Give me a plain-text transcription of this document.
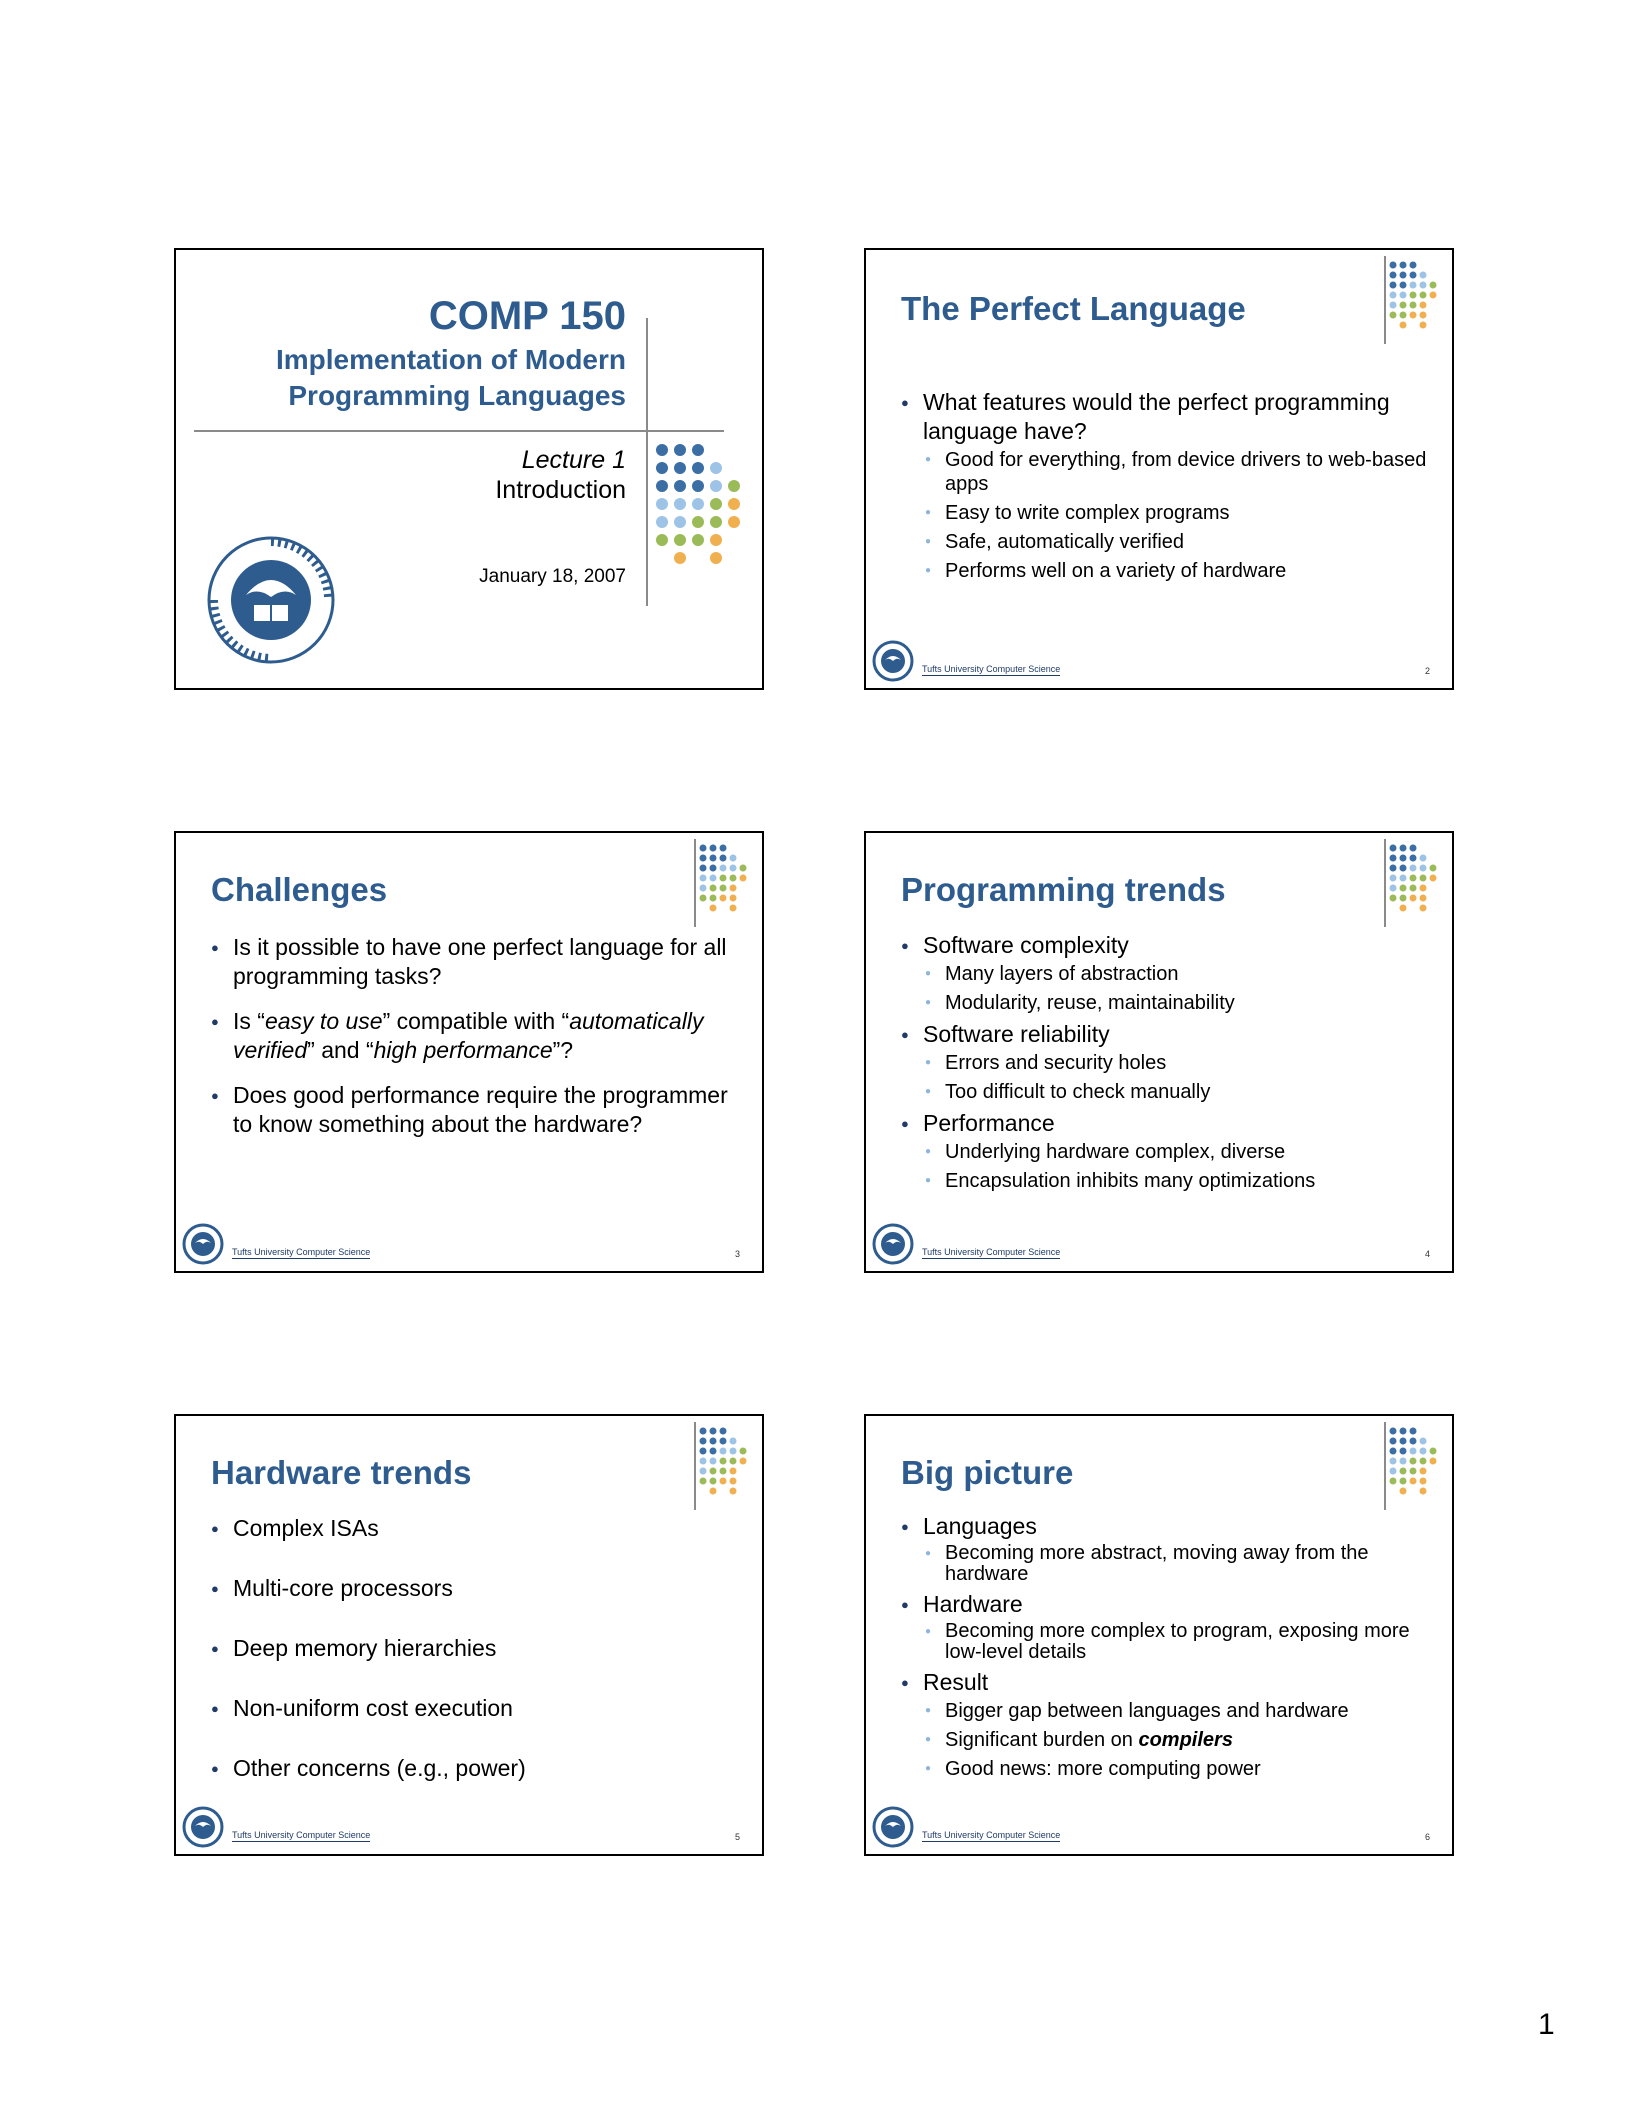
COMP 150
Implementation of Modern
Programming Languages
Lecture 1
Introduction
January 18, 2007
The Perfect Language
● What features would the perfect programming language have?
● Good for everything, from device drivers to web-based apps
● Easy to write complex programs
● Safe, automatically verified
● Performs well on a variety of hardware
Tufts University Computer Science	2
Challenges
● Is it possible to have one perfect language for all programming tasks?
● Is “easy to use” compatible with “automatically verified” and “high performance”?
● Does good performance require the programmer to know something about the hardware?
Tufts University Computer Science	3
Programming trends
● Software complexity
● Many layers of abstraction
● Modularity, reuse, maintainability
● Software reliability
● Errors and security holes
● Too difficult to check manually
● Performance
● Underlying hardware complex, diverse
● Encapsulation inhibits many optimizations
Tufts University Computer Science	4
Hardware trends
● Complex ISAs
● Multi-core processors
● Deep memory hierarchies
● Non-uniform cost execution
● Other concerns (e.g., power)
Tufts University Computer Science	5
Big picture
● Languages
● Becoming more abstract, moving away from the hardware
● Hardware
● Becoming more complex to program, exposing more low-level details
● Result
● Bigger gap between languages and hardware
● Significant burden on compilers
● Good news: more computing power
Tufts University Computer Science	6
1
